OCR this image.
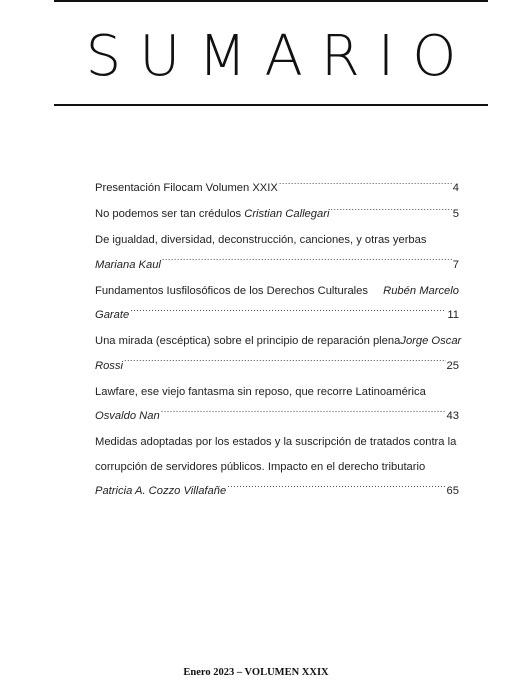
SUMARIO
Presentación Filocam Volumen XXIX .....	4
No podemos ser tan crédulos
Cristian Callegari .....	5
De igualdad, diversidad, deconstrucción, canciones, y otras yerbas
Mariana Kaul .....	7
Fundamentos Iusfilosóficos de los Derechos Culturales Rubén Marcelo
Garate .....	11
Una mirada (escéptica) sobre el principio de reparación plena Jorge Oscar
Rossi .....	25
Lawfare, ese viejo fantasma sin reposo, que recorre Latinoamérica
Osvaldo Nan .....	43
Medidas adoptadas por los estados y la suscripción de tratados contra la
corrupción de servidores públicos. Impacto en el derecho tributario
Patricia A. Cozzo Villafañe .....	65
Enero 2023 – VOLUMEN XXIX
